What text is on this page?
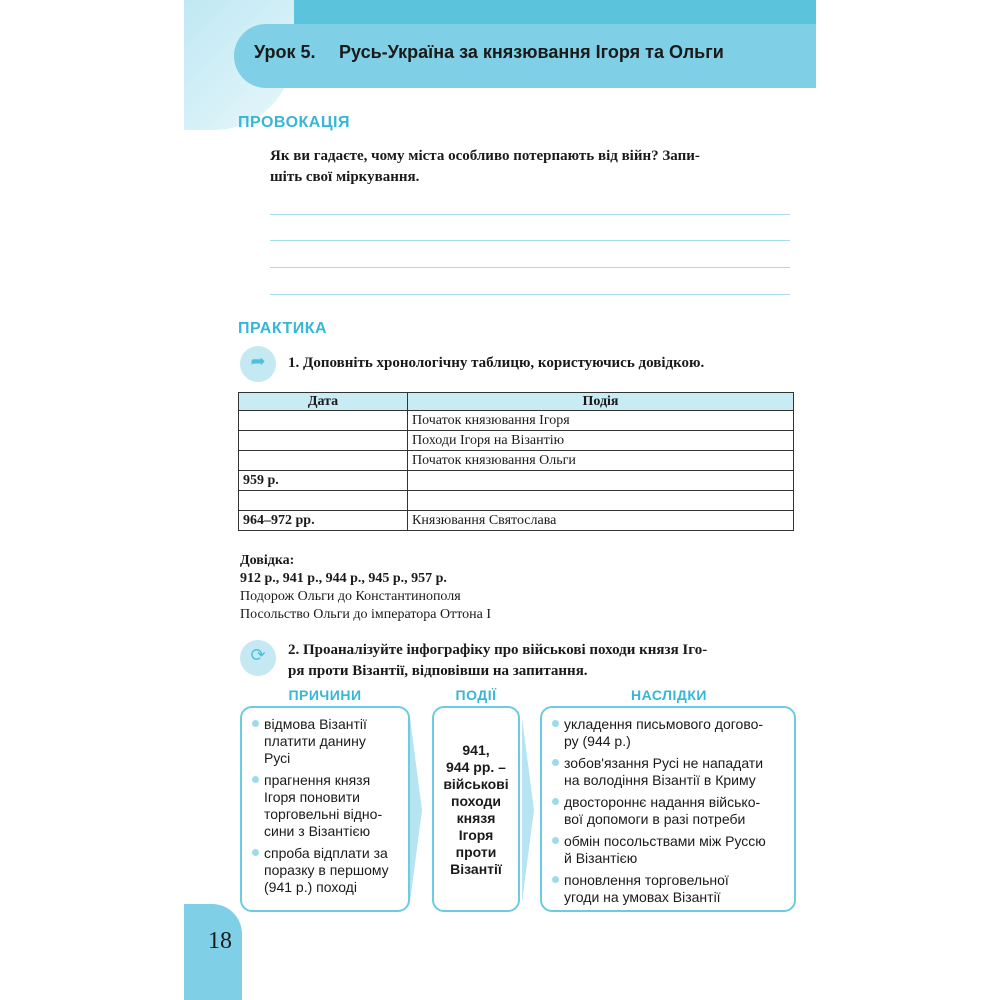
Урок 5. Русь-Україна за князювання Ігоря та Ольги
ПРОВОКАЦІЯ
Як ви гадаєте, чому міста особливо потерпають від війн? Запи-
шіть свої міркування.
ПРАКТИКА
➦	1. Доповніть хронологічну таблицю, користуючись довідкою.
Дата	Подія
	Початок князювання Ігоря
	Походи Ігоря на Візантію
	Початок князювання Ольги
959 р.	

964–972 рр.	Князювання Святослава
Довідка:
912 р., 941 р., 944 р., 945 р., 957 р.
Подорож Ольги до Константинополя
Посольство Ольги до імператора Оттона І
⟳	2. Проаналізуйте інфографіку про військові походи князя Іго-
ря проти Візантії, відповівши на запитання.
ПРИЧИНИ	ПОДІЇ	НАСЛІДКИ
відмова Візантії
платити данину
Русі
прагнення князя
Ігоря поновити
торговельні відно-
сини з Візантією
спроба відплати за
поразку в першому
(941 р.) поході
941,
944 рр. –
військові
походи
князя
Ігоря
проти
Візантії
укладення письмового догово-
ру (944 р.)
зобов'язання Русі не нападати
на володіння Візантії в Криму
двостороннє надання військо-
вої допомоги в разі потреби
обмін посольствами між Руссю
й Візантією
поновлення торговельної
угоди на умовах Візантії
18
